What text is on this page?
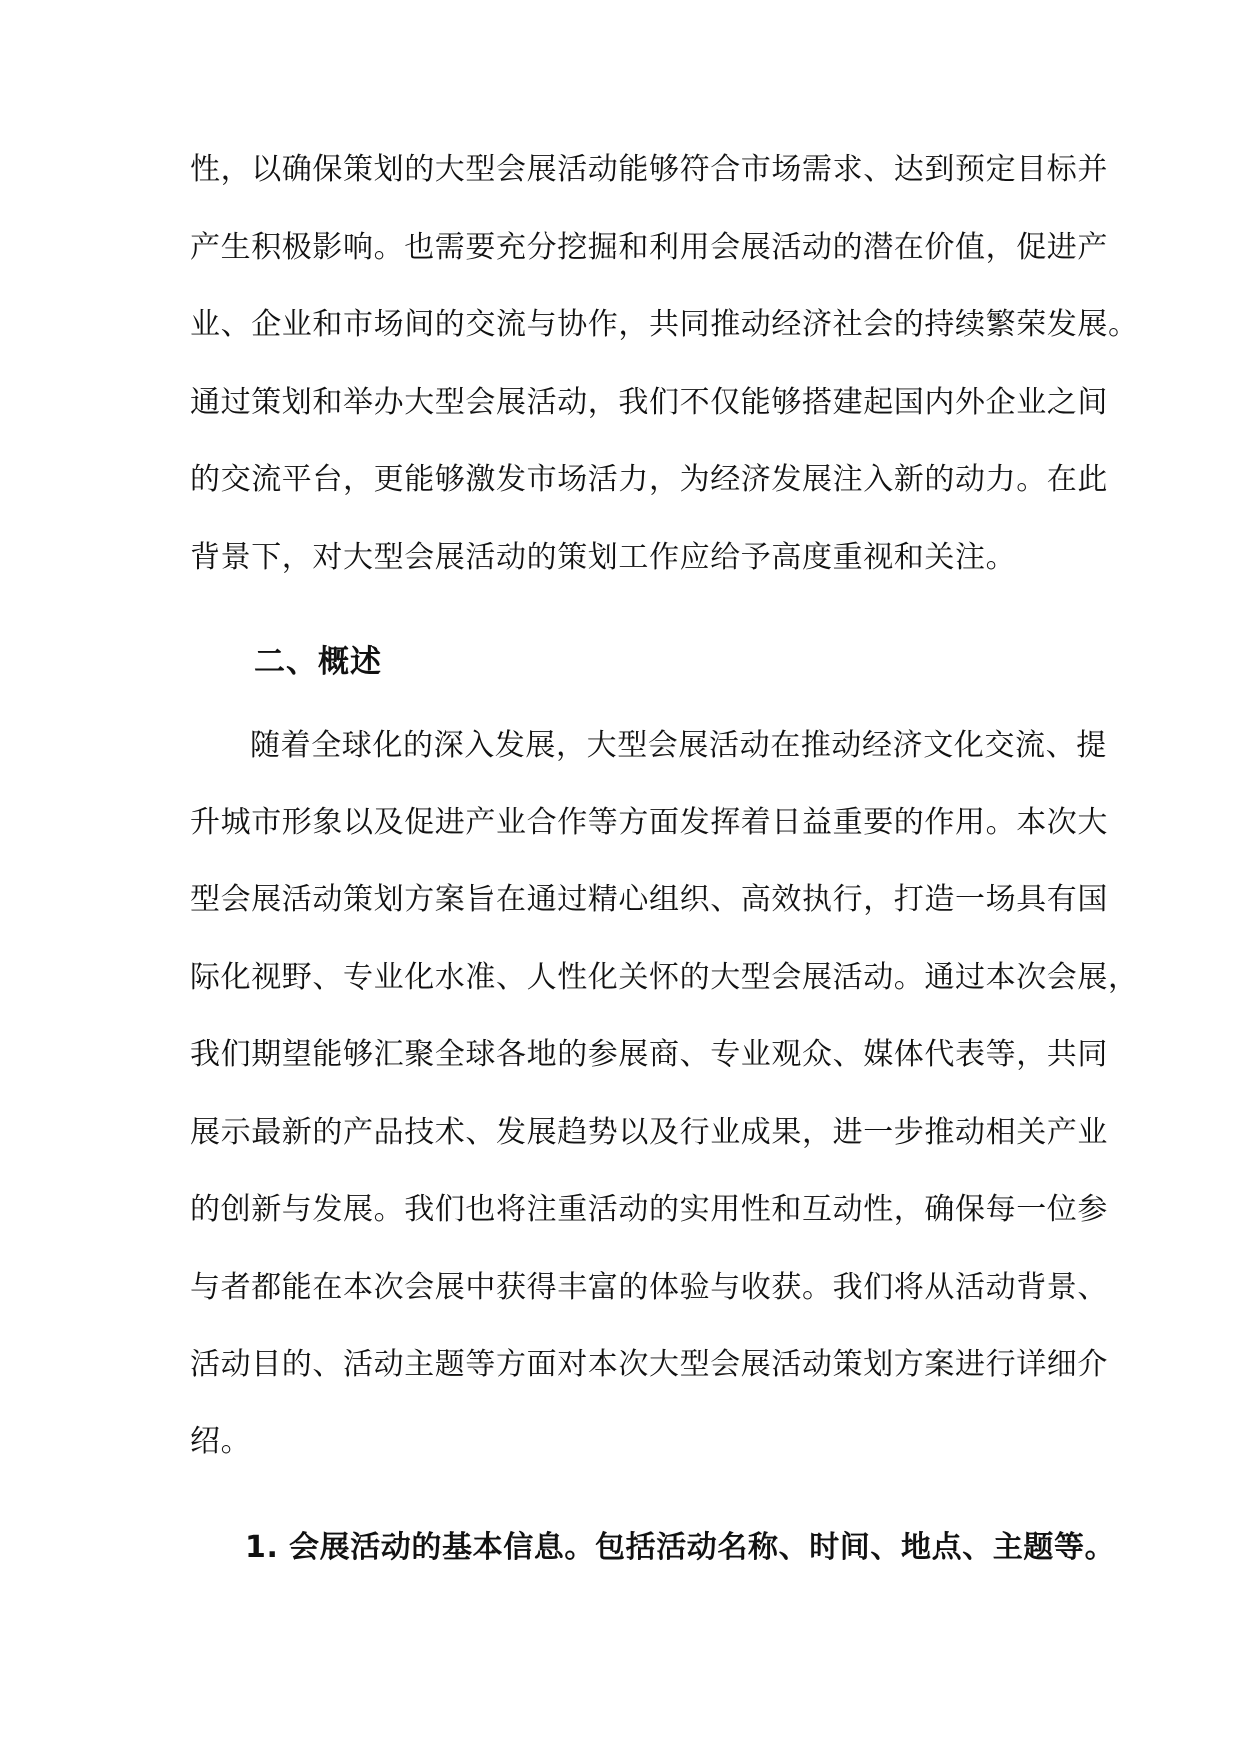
性，以确保策划的大型会展活动能够符合市场需求、达到预定目标并
产生积极影响。也需要充分挖掘和利用会展活动的潜在价值，促进产
业、企业和市场间的交流与协作，共同推动经济社会的持续繁荣发展。
通过策划和举办大型会展活动，我们不仅能够搭建起国内外企业之间
的交流平台，更能够激发市场活力，为经济发展注入新的动力。在此
背景下，对大型会展活动的策划工作应给予高度重视和关注。
二、概述
随着全球化的深入发展，大型会展活动在推动经济文化交流、提
升城市形象以及促进产业合作等方面发挥着日益重要的作用。本次大
型会展活动策划方案旨在通过精心组织、高效执行，打造一场具有国
际化视野、专业化水准、人性化关怀的大型会展活动。通过本次会展，
我们期望能够汇聚全球各地的参展商、专业观众、媒体代表等，共同
展示最新的产品技术、发展趋势以及行业成果，进一步推动相关产业
的创新与发展。我们也将注重活动的实用性和互动性，确保每一位参
与者都能在本次会展中获得丰富的体验与收获。我们将从活动背景、
活动目的、活动主题等方面对本次大型会展活动策划方案进行详细介
绍。
1. 会展活动的基本信息。包括活动名称、时间、地点、主题等。
